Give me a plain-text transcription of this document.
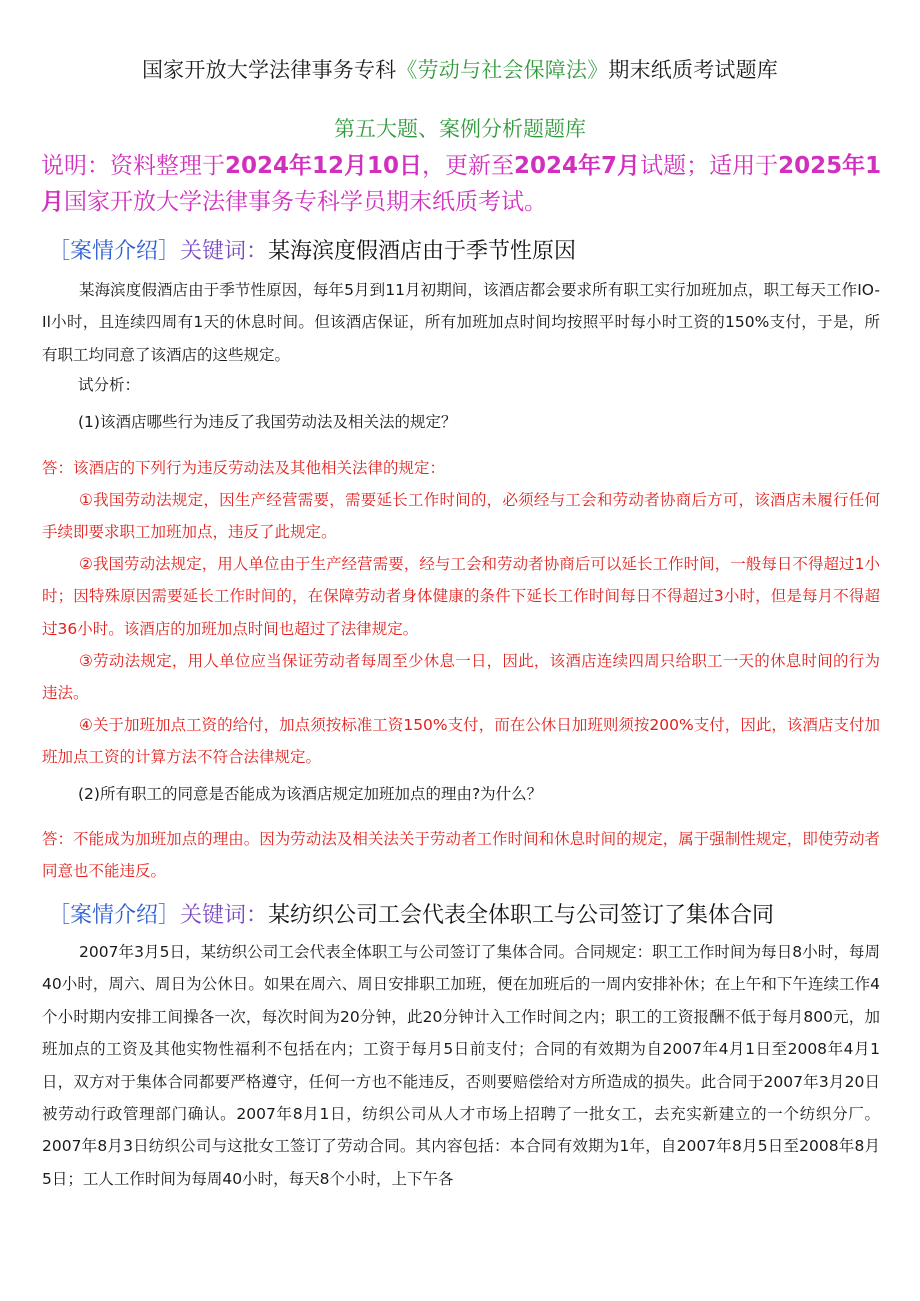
国家开放大学法律事务专科《劳动与社会保障法》期末纸质考试题库
第五大题、案例分析题题库
说明：资料整理于2024年12月10日，更新至2024年7月试题；适用于2025年1月国家开放大学法律事务专科学员期末纸质考试。
［案情介绍］关键词：某海滨度假酒店由于季节性原因
某海滨度假酒店由于季节性原因，每年5月到11月初期间，该酒店都会要求所有职工实行加班加点，职工每天工作IO-Il小时，且连续四周有1天的休息时间。但该酒店保证，所有加班加点时间均按照平时每小时工资的150%支付，于是，所有职工均同意了该酒店的这些规定。
试分析：
(1)该酒店哪些行为违反了我国劳动法及相关法的规定？
答：该酒店的下列行为违反劳动法及其他相关法律的规定：
①我国劳动法规定，因生产经营需要，需要延长工作时间的，必须经与工会和劳动者协商后方可，该酒店未履行任何手续即要求职工加班加点，违反了此规定。
②我国劳动法规定，用人单位由于生产经营需要，经与工会和劳动者协商后可以延长工作时间，一般每日不得超过1小时；因特殊原因需要延长工作时间的，在保障劳动者身体健康的条件下延长工作时间每日不得超过3小时，但是每月不得超过36小时。该酒店的加班加点时间也超过了法律规定。
③劳动法规定，用人单位应当保证劳动者每周至少休息一日，因此，该酒店连续四周只给职工一天的休息时间的行为违法。
④关于加班加点工资的给付，加点须按标准工资150%支付，而在公休日加班则须按200%支付，因此，该酒店支付加班加点工资的计算方法不符合法律规定。
(2)所有职工的同意是否能成为该酒店规定加班加点的理由?为什么？
答：不能成为加班加点的理由。因为劳动法及相关法关于劳动者工作时间和休息时间的规定，属于强制性规定，即使劳动者同意也不能违反。
［案情介绍］关键词：某纺织公司工会代表全体职工与公司签订了集体合同
2007年3月5日，某纺织公司工会代表全体职工与公司签订了集体合同。合同规定：职工工作时间为每日8小时，每周40小时，周六、周日为公休日。如果在周六、周日安排职工加班，便在加班后的一周内安排补休；在上午和下午连续工作4个小时期内安排工间操各一次，每次时间为20分钟，此20分钟计入工作时间之内；职工的工资报酬不低于每月800元，加班加点的工资及其他实物性福利不包括在内；工资于每月5日前支付；合同的有效期为自2007年4月1日至2008年4月1日，双方对于集体合同都要严格遵守，任何一方也不能违反，否则要赔偿给对方所造成的损失。此合同于2007年3月20日被劳动行政管理部门确认。2007年8月1日，纺织公司从人才市场上招聘了一批女工，去充实新建立的一个纺织分厂。2007年8月3日纺织公司与这批女工签订了劳动合同。其内容包括：本合同有效期为1年，自2007年8月5日至2008年8月5日；工人工作时间为每周40小时，每天8个小时，上下午各
